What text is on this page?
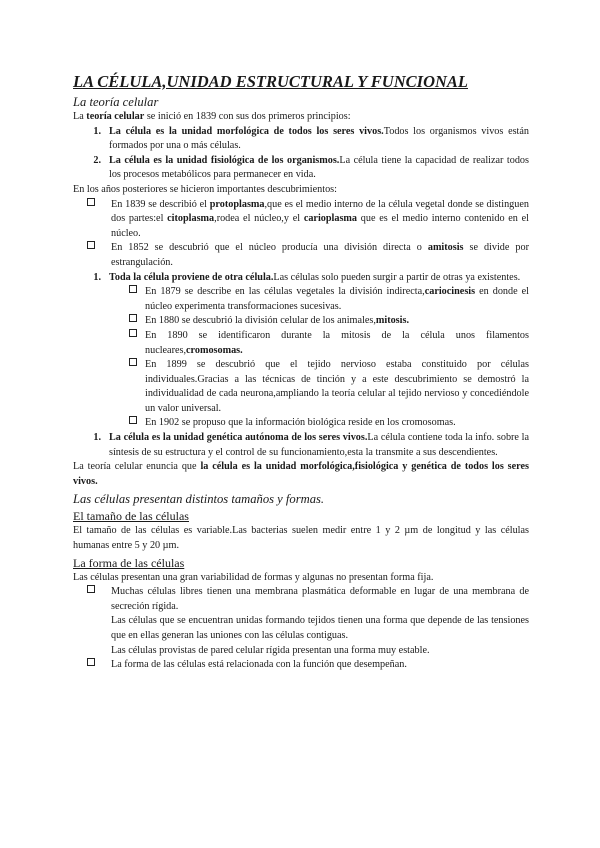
LA CÉLULA,UNIDAD ESTRUCTURAL Y FUNCIONAL
La teoría celular

La teoría celular se inició en 1839 con sus dos primeros principios:

1. La célula es la unidad morfológica de todos los seres vivos.Todos los organismos vivos están formados por una o más células.
2. La célula es la unidad fisiológica de los organismos.La célula tiene la capacidad de realizar todos los procesos metabólicos para permanecer en vida.

En los años posteriores se hicieron importantes descubrimientos:

En 1839 se describió el protoplasma,que es el medio interno de la célula vegetal donde se distinguen dos partes:el citoplasma,rodea el núcleo,y el carioplasma que es el medio interno contenido en el núcleo.
En 1852 se descubrió que el núcleo producía una división directa o amitosis se divide por estrangulación.
1. Toda la célula proviene de otra célula.Las células solo pueden surgir a partir de otras ya existentes.
En 1879 se describe en las células vegetales la división indirecta,cariocinesis en donde el núcleo experimenta transformaciones sucesivas.
En 1880 se descubrió la división celular de los animales,mitosis.
En 1890 se identificaron durante la mitosis de la célula unos filamentos nucleares,cromosomas.
En 1899 se descubrió que el tejido nervioso estaba constituido por células individuales.Gracias a las técnicas de tinción y a este descubrimiento se demostró la individualidad de cada neurona,ampliando la teoría celular al tejido nervioso y concediéndole un valor universal.
En 1902 se propuso que la información biológica reside en los cromosomas.
1. La célula es la unidad genética autónoma de los seres vivos.La célula contiene toda la info. sobre la síntesis de su estructura y el control de su funcionamiento,esta la transmite a sus descendientes.

La teoría celular enuncia que la célula es la unidad morfológica,fisiológica y genética de todos los seres vivos.

Las células presentan distintos tamaños y formas.
El tamaño de las células

El tamaño de las células es variable.Las bacterias suelen medir entre 1 y 2 µm de longitud y las células humanas entre 5 y 20 µm.

La forma de las células

Las células presentan una gran variabilidad de formas y algunas no presentan forma fija.

Muchas células libres tienen una membrana plasmática deformable en lugar de una membrana de secreción rígida.

Las células que se encuentran unidas formando tejidos tienen una forma que depende de las tensiones que en ellas generan las uniones con las células contiguas.

Las células provistas de pared celular rígida presentan una forma muy estable.

La forma de las células está relacionada con la función que desempeñan.
